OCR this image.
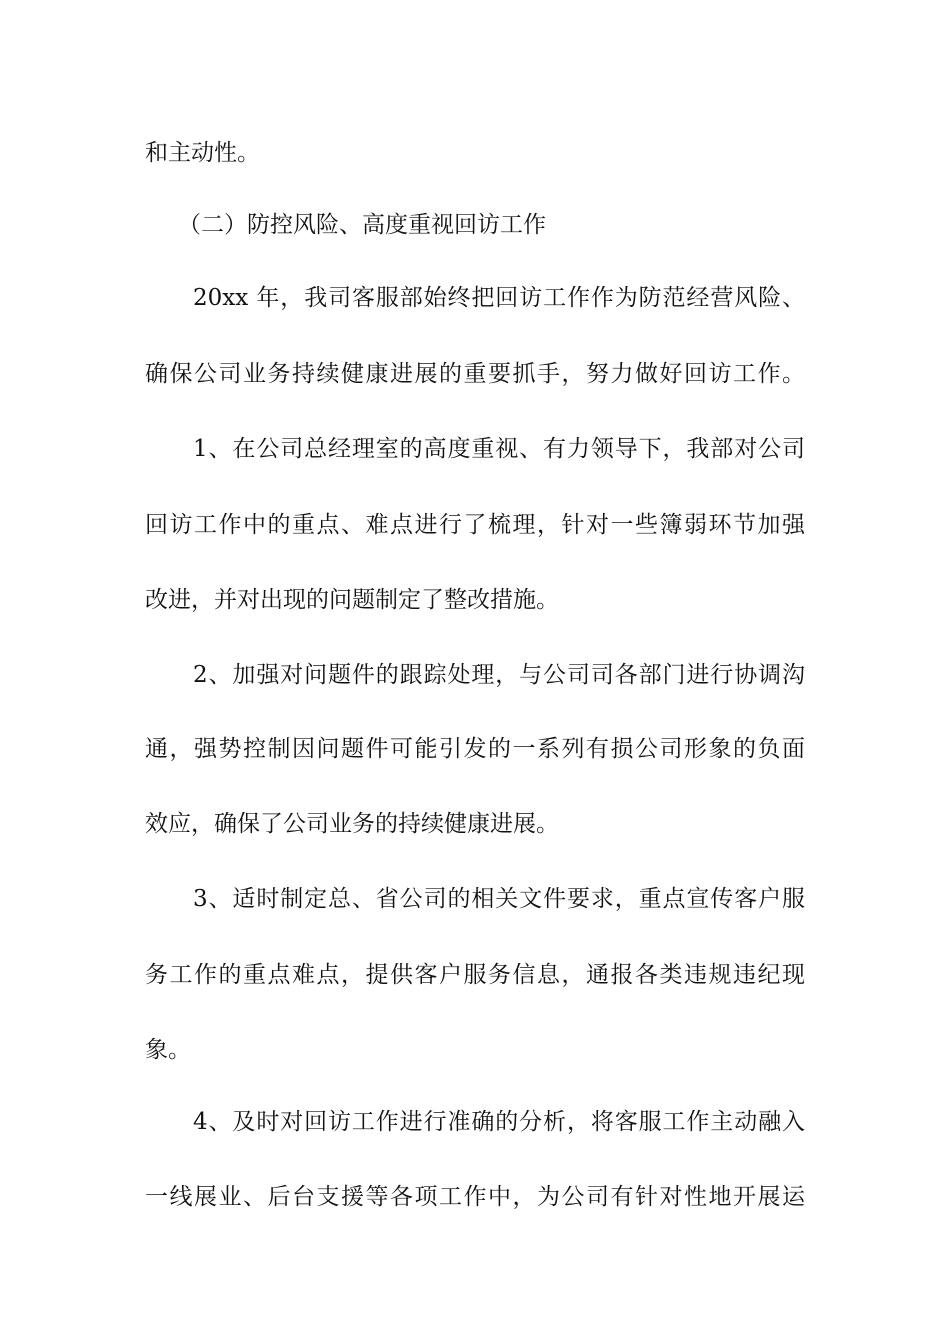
和主动性。
（二）防控风险、高度重视回访工作
20xx 年，我司客服部始终把回访工作作为防范经营风险、
确保公司业务持续健康进展的重要抓手，努力做好回访工作。
1、在公司总经理室的高度重视、有力领导下，我部对公司
回访工作中的重点、难点进行了梳理，针对一些簿弱环节加强
改进，并对出现的问题制定了整改措施。
2、加强对问题件的跟踪处理，与公司司各部门进行协调沟
通，强势控制因问题件可能引发的一系列有损公司形象的负面
效应，确保了公司业务的持续健康进展。
3、适时制定总、省公司的相关文件要求，重点宣传客户服
务工作的重点难点，提供客户服务信息，通报各类违规违纪现
象。
4、及时对回访工作进行准确的分析，将客服工作主动融入
一线展业、后台支援等各项工作中，为公司有针对性地开展运
